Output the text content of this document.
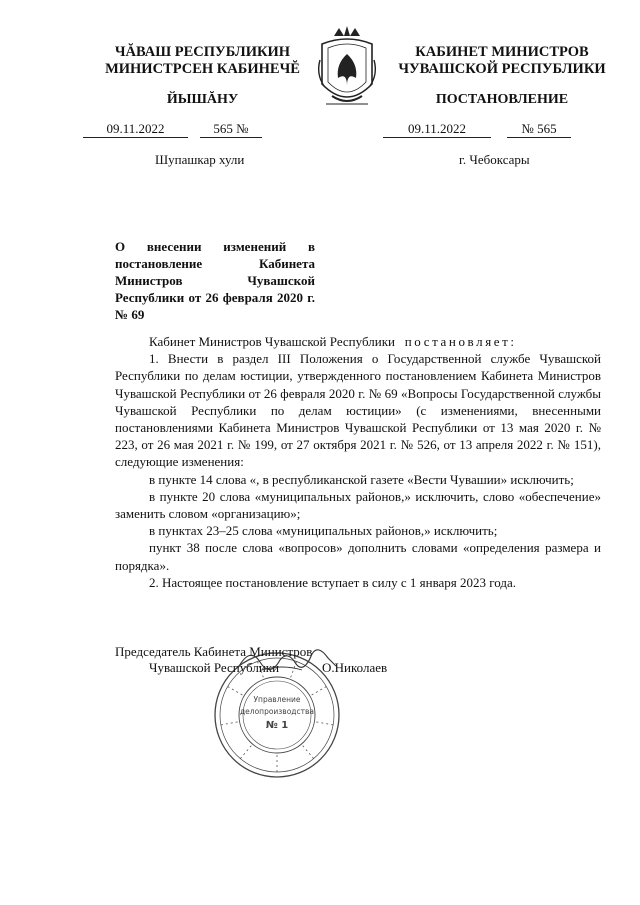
ЧĂВАШ РЕСПУБЛИКИН
МИНИСТРСЕН КАБИНЕЧĔ
ЙЫШĂНУ
КАБИНЕТ МИНИСТРОВ
ЧУВАШСКОЙ РЕСПУБЛИКИ
ПОСТАНОВЛЕНИЕ
09.11.2022	565 №
Шупашкар хули
09.11.2022	№ 565
г. Чебоксары
О внесении изменений в постановление Кабинета Министров Чувашской Республики от 26 февраля 2020 г. № 69

Кабинет Министров Чувашской Республики постановляет:

1. Внести в раздел III Положения о Государственной службе Чувашской Республики по делам юстиции, утвержденного постановлением Кабинета Министров Чувашской Республики от 26 февраля 2020 г. № 69 «Вопросы Государственной службы Чувашской Республики по делам юстиции» (с изменениями, внесенными постановлениями Кабинета Министров Чувашской Республики от 13 мая 2020 г. № 223, от 26 мая 2021 г. № 199, от 27 октября 2021 г. № 526, от 13 апреля 2022 г. № 151), следующие изменения:

в пункте 14 слова «, в республиканской газете «Вести Чувашии» исключить;

в пункте 20 слова «муниципальных районов,» исключить, слово «обеспечение» заменить словом «организацию»;

в пунктах 23–25 слова «муниципальных районов,» исключить;

пункт 38 после слова «вопросов» дополнить словами «определения размера и порядка».

2. Настоящее постановление вступает в силу с 1 января 2023 года.

Управление
делопроизводства
№ 1
Председатель Кабинета Министров
Чувашской Республики	О.Николаев
